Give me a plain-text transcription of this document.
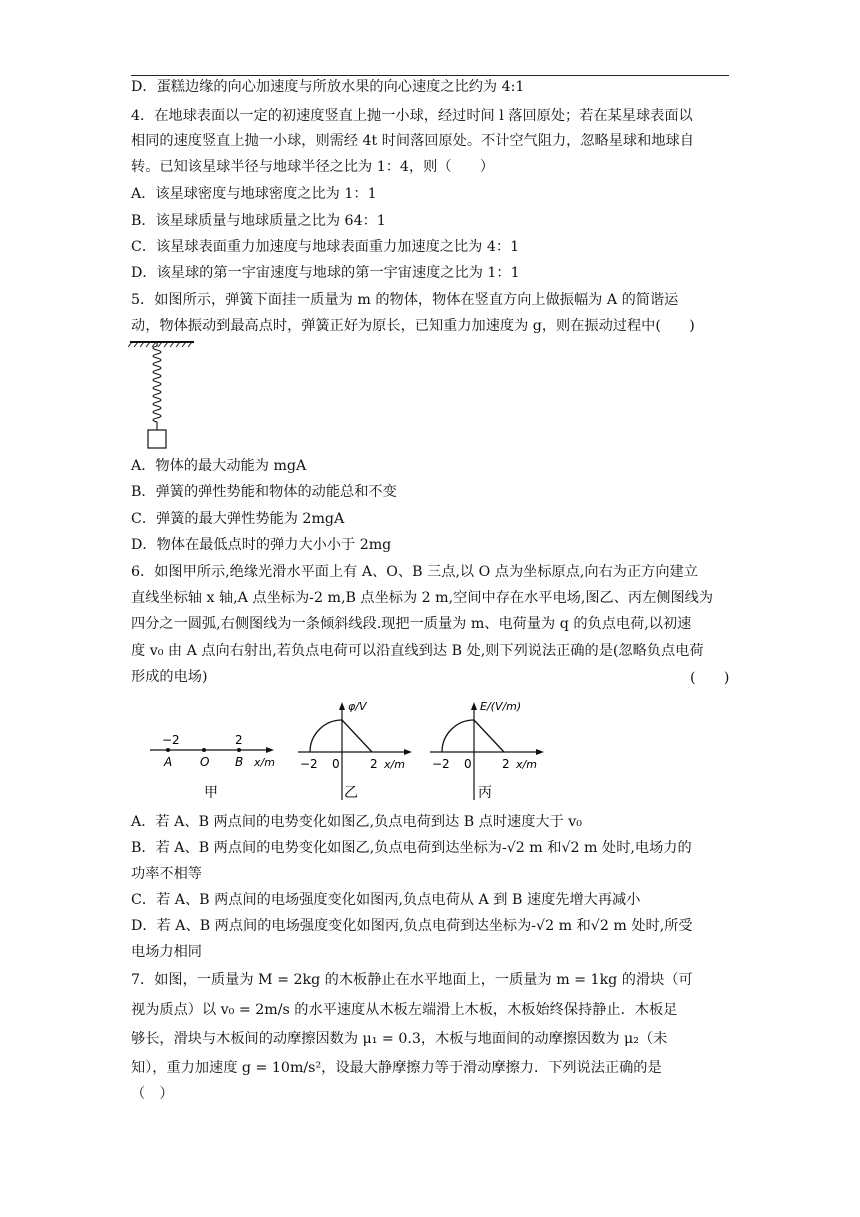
D．蛋糕边缘的向心加速度与所放水果的向心速度之比约为 4:1
4．在地球表面以一定的初速度竖直上抛一小球，经过时间 l 落回原处；若在某星球表面以
相同的速度竖直上抛一小球，则需经 4t 时间落回原处。不计空气阻力，忽略星球和地球自
转。已知该星球半径与地球半径之比为 1：4，则（　　）
A．该星球密度与地球密度之比为 1：1
B．该星球质量与地球质量之比为 64：1
C．该星球表面重力加速度与地球表面重力加速度之比为 4：1
D．该星球的第一宇宙速度与地球的第一宇宙速度之比为 1：1
5．如图所示，弹簧下面挂一质量为 m 的物体，物体在竖直方向上做振幅为 A 的简谐运
动，物体振动到最高点时，弹簧正好为原长，已知重力加速度为 g，则在振动过程中(　　)
A．物体的最大动能为 mgA
B．弹簧的弹性势能和物体的动能总和不变
C．弹簧的最大弹性势能为 2mgA
D．物体在最低点时的弹力大小小于 2mg
6．如图甲所示,绝缘光滑水平面上有 A、O、B 三点,以 O 点为坐标原点,向右为正方向建立
直线坐标轴 x 轴,A 点坐标为-2 m,B 点坐标为 2 m,空间中存在水平电场,图乙、丙左侧图线为
四分之一圆弧,右侧图线为一条倾斜线段.现把一质量为 m、电荷量为 q 的负点电荷,以初速
度 v₀ 由 A 点向右射出,若负点电荷可以沿直线到达 B 处,则下列说法正确的是(忽略负点电荷
形成的电场)	(　　)
−2	2
A O B x/m
甲
φ/V
−2 0	2 x/m
乙
E/(V/m)
−2 0	2 x/m
丙
A．若 A、B 两点间的电势变化如图乙,负点电荷到达 B 点时速度大于 v₀
B．若 A、B 两点间的电势变化如图乙,负点电荷到达坐标为-√2 m 和√2 m 处时,电场力的
功率不相等
C．若 A、B 两点间的电场强度变化如图丙,负点电荷从 A 到 B 速度先增大再减小
D．若 A、B 两点间的电场强度变化如图丙,负点电荷到达坐标为-√2 m 和√2 m 处时,所受
电场力相同
7．如图，一质量为 M = 2kg 的木板静止在水平地面上，一质量为 m = 1kg 的滑块（可
视为质点）以 v₀ = 2m/s 的水平速度从木板左端滑上木板，木板始终保持静止．木板足
够长，滑块与木板间的动摩擦因数为 μ₁ = 0.3，木板与地面间的动摩擦因数为 μ₂（未
知），重力加速度 g = 10m/s²，设最大静摩擦力等于滑动摩擦力．下列说法正确的是
（　）
